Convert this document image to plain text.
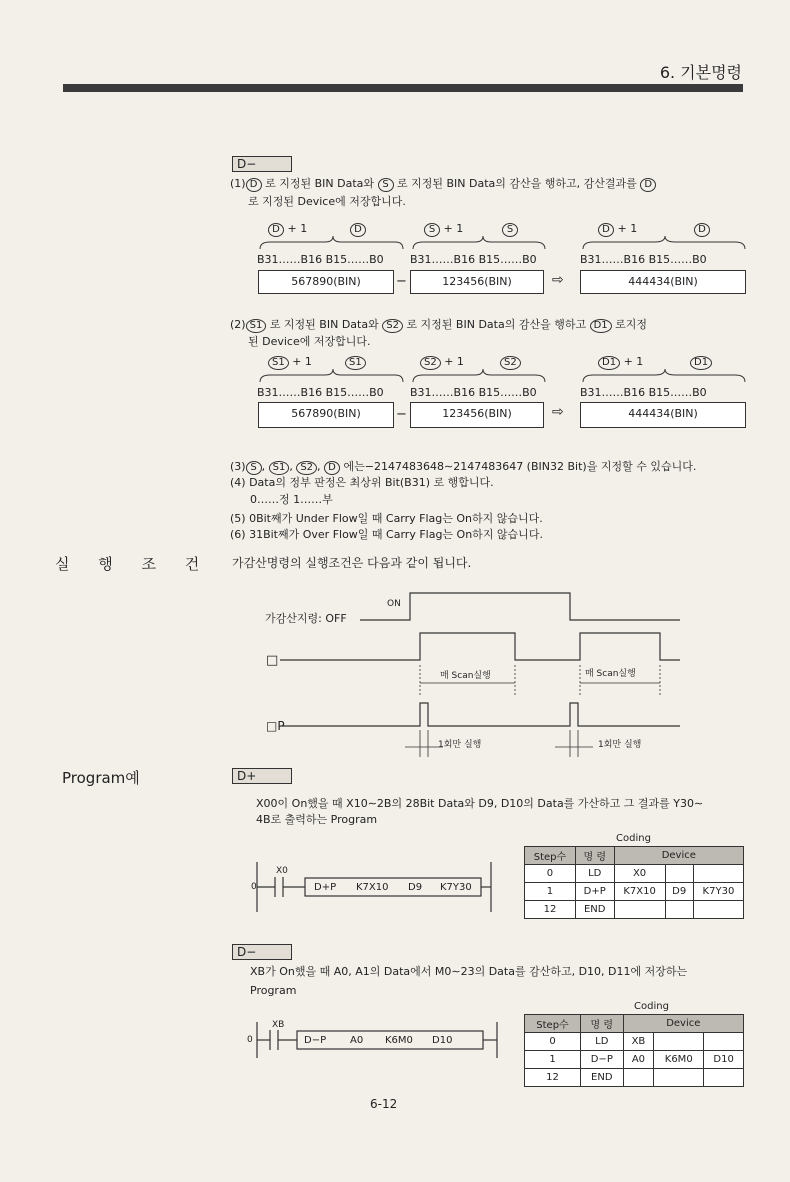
6. 기본명령
D−
(1) D 로 지정된 BIN Data와 S 로 지정된 BIN Data의 감산을 행하고, 감산결과를 D
로 지정된 Device에 저장합니다.
D + 1	D	S + 1	S	D + 1	D
B31……B16 B15……B0 B31……B16 B15……B0	B31……B16 B15……B0
567890(BIN)	−	123456(BIN)	⇨	444434(BIN)
(2) S1 로 지정된 BIN Data와 S2 로 지정된 BIN Data의 감산을 행하고 D1 로지정
된 Device에 저장합니다.
S1 + 1	S1	S2 + 1	S2	D1 + 1	D1
B31……B16 B15……B0 B31……B16 B15……B0	B31……B16 B15……B0
567890(BIN)	−	123456(BIN)	⇨	444434(BIN)
(3) S , S1 , S2 , D 에는−2147483648∼2147483647 (BIN32 Bit)을 지정할 수 있습니다.
(4) Data의 정부 판정은 최상위 Bit(B31) 로 행합니다.
0……정 1……부
(5) 0Bit째가 Under Flow일 때 Carry Flag는 On하지 않습니다.
(6) 31Bit째가 Over Flow일 때 Carry Flag는 On하지 않습니다.
실 행 조 건 가감산명령의 실행조건은 다음과 같이 됩니다.
가감산지령: OFF
ON
□
□P
매 Scan실행	매 Scan실행
1회만 실행	1회만 실행
Program예	D+
X00이 On했을 때 X10∼2B의 28Bit Data와 D9, D10의 Data를 가산하고 그 결과를 Y30∼
4B로 출력하는 Program
Coding
0
X0
D+P K7X10 D9 K7Y30
Step수	명 령	Device		
0	LD	X0		
1	D+P	K7X10	D9	K7Y30
12	END			
D−
XB가 On했을 때 A0, A1의 Data에서 M0∼23의 Data를 감산하고, D10, D11에 저장하는
Program
Coding
0
XB
D−P A0 K6M0 D10
Step수	명 령	Device		
0	LD	XB		
1	D−P	A0	K6M0	D10
12	END			
6-12
